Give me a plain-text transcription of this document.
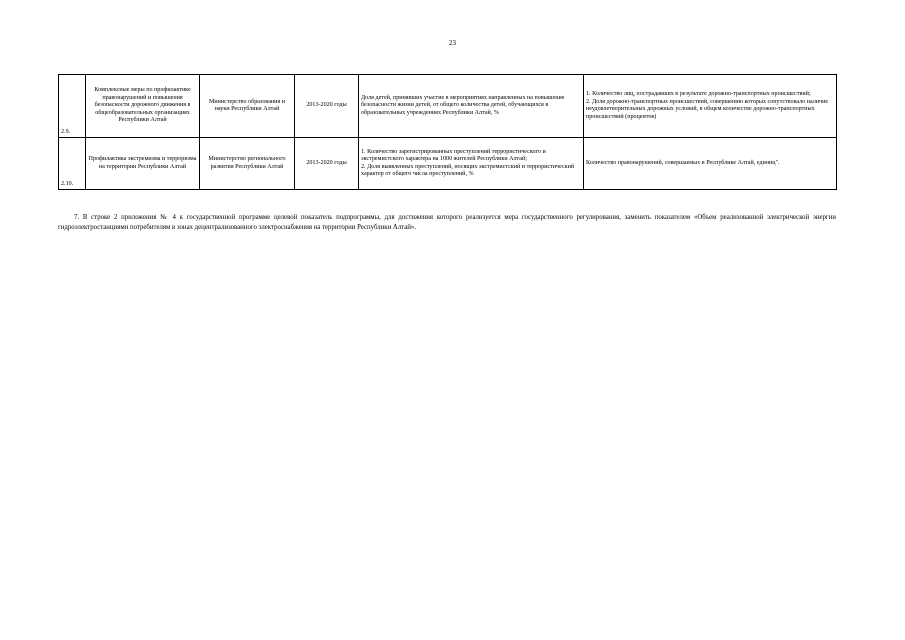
23
2.9.	Комплексные меры по профилактике правонарушений и повышения безопасности дорожного движения в общеобразовательных организациях Республики Алтай	Министерство образования и науки Республики Алтай	2013-2020 годы	Доля детей, принявших участие в мероприятиях направленных на повышение безопасности жизни детей, от общего количества детей, обучающихся в образовательных учреждениях Республики Алтай, %	1. Количество лиц, пострадавших в результате дорожно-транспортных происшествий;
2. Доля дорожно-транспортных происшествий, совершению которых сопутствовало наличие неудовлетворительных дорожных условий, в общем количестве дорожно-транспортных происшествий (процентов)
2.10.	Профилактика экстремизма и терроризма на территории Республики Алтай	Министерство регионального развития Республики Алтай	2013-2020 годы	1. Количество зарегистрированных преступлений террористического и экстремистского характера на 1000 жителей Республики Алтай;
2. Доля выявленных преступлений, носящих экстремистский и террористический характер от общего числа преступлений, %	Количество правонарушений, совершаемых в Республике Алтай, единиц".
7. В строке 2 приложения № 4 к государственной программе целевой показатель подпрограммы, для достижения которого реализуется мера государственного регулирования, заменить показателем «Объем реализованной электрической энергии гидроэлектростанциями потребителям в зонах децентрализованного электроснабжения на территории Республики Алтай».
